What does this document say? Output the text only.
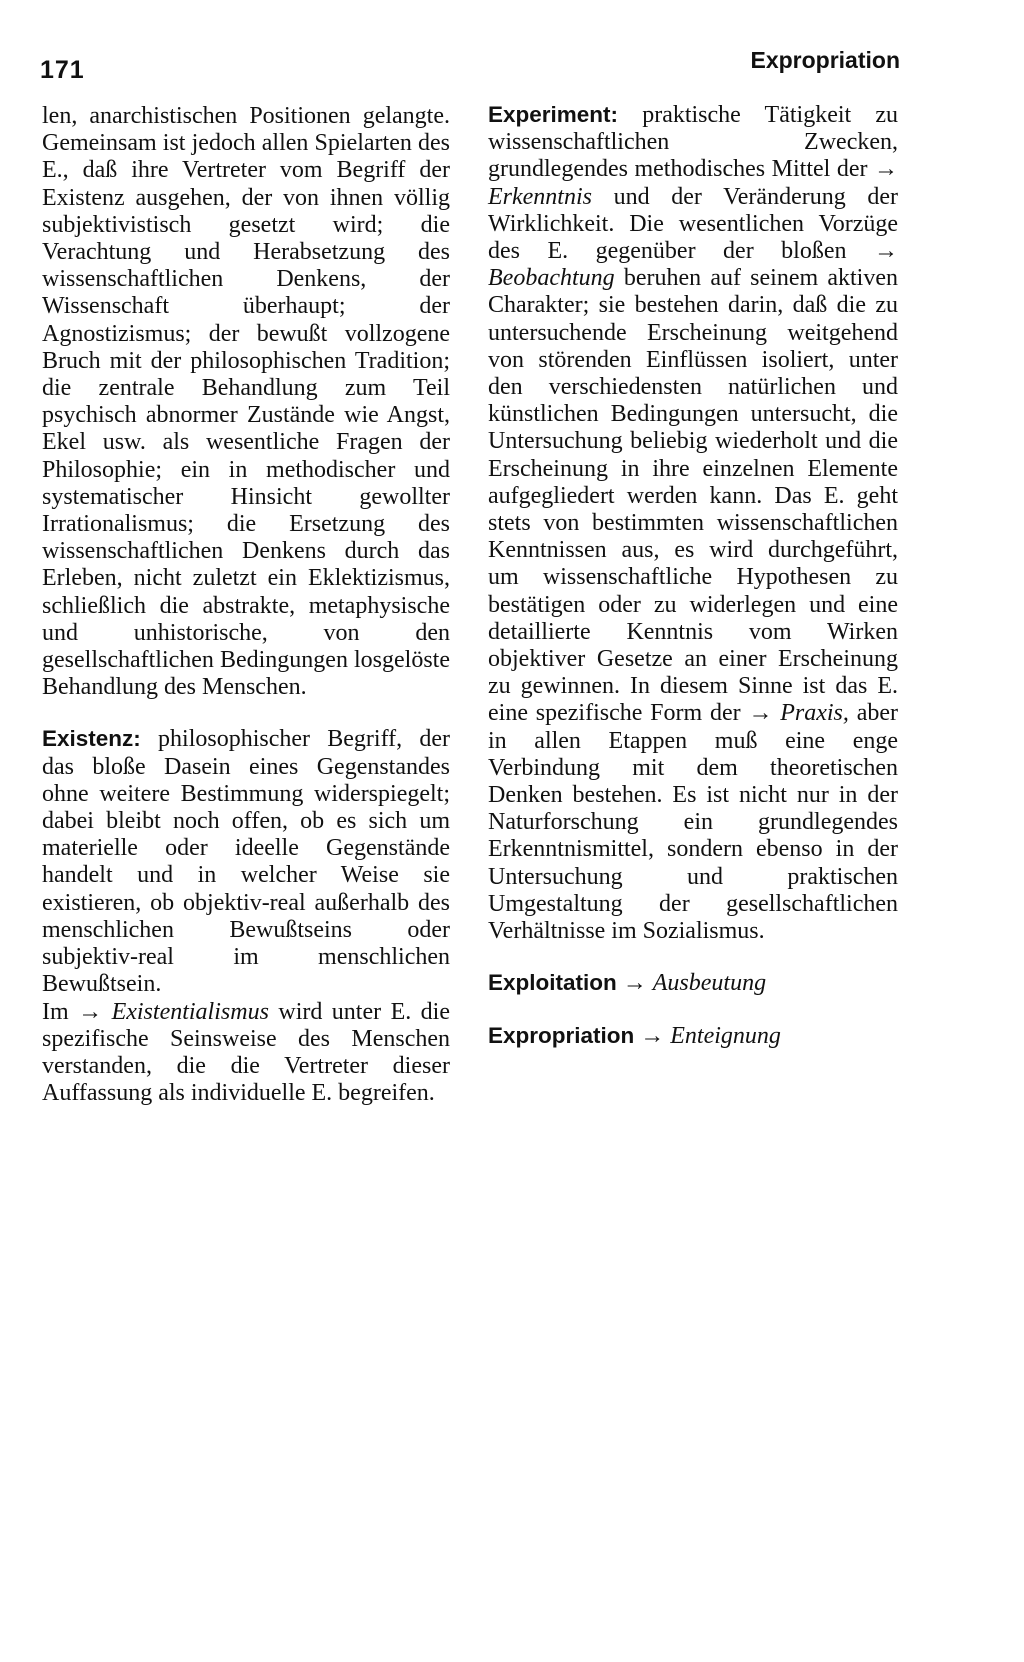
171	Expropriation

len, anarchistischen Positionen gelangte. Gemeinsam ist jedoch allen Spielarten des E., daß ihre Vertreter vom Begriff der Existenz ausgehen, der von ihnen völlig subjektivistisch gesetzt wird; die Verachtung und Herabsetzung des wissenschaftlichen Denkens, der Wissenschaft überhaupt; der Agnostizismus; der bewußt vollzogene Bruch mit der philosophischen Tradition; die zentrale Behandlung zum Teil psychisch abnormer Zustände wie Angst, Ekel usw. als wesentliche Fragen der Philosophie; ein in methodischer und systematischer Hinsicht gewollter Irrationalismus; die Ersetzung des wissenschaftlichen Denkens durch das Erleben, nicht zuletzt ein Eklektizismus, schließlich die abstrakte, metaphysische und unhistorische, von den gesellschaftlichen Bedingungen losgelöste Behandlung des Menschen.

Existenz: philosophischer Begriff, der das bloße Dasein eines Gegenstandes ohne weitere Bestimmung widerspiegelt; dabei bleibt noch offen, ob es sich um materielle oder ideelle Gegenstände handelt und in welcher Weise sie existieren, ob objektiv-real außerhalb des menschlichen Bewußtseins oder subjektiv-real im menschlichen Bewußtsein.

Im → Existentialismus wird unter E. die spezifische Seinsweise des Menschen verstanden, die die Vertreter dieser Auffassung als individuelle E. begreifen.

Experiment: praktische Tätigkeit zu wissenschaftlichen Zwecken, grundlegendes methodisches Mittel der → Erkenntnis und der Veränderung der Wirklichkeit. Die wesentlichen Vorzüge des E. gegenüber der bloßen → Beobachtung beruhen auf seinem aktiven Charakter; sie bestehen darin, daß die zu untersuchende Erscheinung weitgehend von störenden Einflüssen isoliert, unter den verschiedensten natürlichen und künstlichen Bedingungen untersucht, die Untersuchung beliebig wiederholt und die Erscheinung in ihre einzelnen Elemente aufgegliedert werden kann. Das E. geht stets von bestimmten wissenschaftlichen Kenntnissen aus, es wird durchgeführt, um wissenschaftliche Hypothesen zu bestätigen oder zu widerlegen und eine detaillierte Kenntnis vom Wirken objektiver Gesetze an einer Erscheinung zu gewinnen. In diesem Sinne ist das E. eine spezifische Form der → Praxis, aber in allen Etappen muß eine enge Verbindung mit dem theoretischen Denken bestehen. Es ist nicht nur in der Naturforschung ein grundlegendes Erkenntnismittel, sondern ebenso in der Untersuchung und praktischen Umgestaltung der gesellschaftlichen Verhältnisse im Sozialismus.

Exploitation → Ausbeutung
Expropriation → Enteignung
